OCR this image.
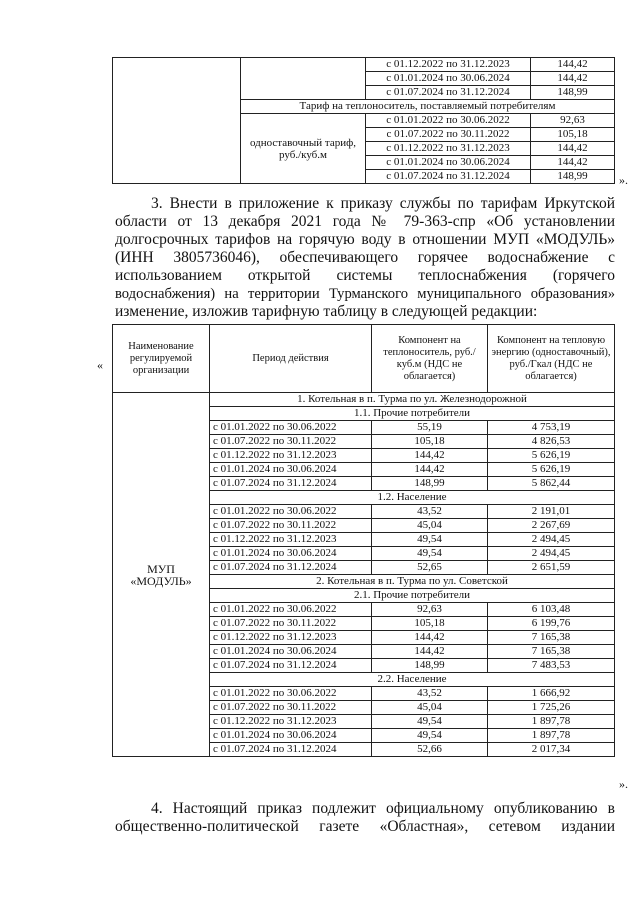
		с 01.12.2022 по 31.12.2023	144,42
		с 01.01.2024 по 30.06.2024	144,42
		с 01.07.2024 по 31.12.2024	148,99
	Тариф на теплоноситель, поставляемый потребителям		
	одноставочный тариф, руб./куб.м	с 01.01.2022 по 30.06.2022	92,63
		с 01.07.2022 по 30.11.2022	105,18
		с 01.12.2022 по 31.12.2023	144,42
		с 01.01.2024 по 30.06.2024	144,42
		с 01.07.2024 по 31.12.2024	148,99	».

3. Внести в приложение к приказу службы по тарифам Иркутской

области от 13 декабря 2021 года № 79-363-спр «Об установлении

долгосрочных тарифов на горячую воду в отношении МУП «МОДУЛЬ»

(ИНН 3805736046), обеспечивающего горячее водоснабжение с

использованием открытой системы теплоснабжения (горячего

водоснабжения) на территории Турманского муниципального образования»

изменение, изложив тарифную таблицу в следующей редакции:

«
Наименование регулируемой организации	Период действия	Компонент на теплоноситель, руб./куб.м (НДС не облагается)	Компонент на тепловую энергию (одноставочный), руб./Гкал (НДС не облагается)
МУП «МОДУЛЬ»	1. Котельная в п. Турма по ул. Железнодорожной		
	1.1. Прочие потребители		
	с 01.01.2022 по 30.06.2022	55,19	4 753,19
	с 01.07.2022 по 30.11.2022	105,18	4 826,53
	с 01.12.2022 по 31.12.2023	144,42	5 626,19
	с 01.01.2024 по 30.06.2024	144,42	5 626,19
	с 01.07.2024 по 31.12.2024	148,99	5 862,44
	1.2. Население		
	с 01.01.2022 по 30.06.2022	43,52	2 191,01
	с 01.07.2022 по 30.11.2022	45,04	2 267,69
	с 01.12.2022 по 31.12.2023	49,54	2 494,45
	с 01.01.2024 по 30.06.2024	49,54	2 494,45
	с 01.07.2024 по 31.12.2024	52,65	2 651,59
	2. Котельная в п. Турма по ул. Советской		
	2.1. Прочие потребители		
	с 01.01.2022 по 30.06.2022	92,63	6 103,48
	с 01.07.2022 по 30.11.2022	105,18	6 199,76
	с 01.12.2022 по 31.12.2023	144,42	7 165,38
	с 01.01.2024 по 30.06.2024	144,42	7 165,38
	с 01.07.2024 по 31.12.2024	148,99	7 483,53
	2.2. Население		
	с 01.01.2022 по 30.06.2022	43,52	1 666,92
	с 01.07.2022 по 30.11.2022	45,04	1 725,26
	с 01.12.2022 по 31.12.2023	49,54	1 897,78
	с 01.01.2024 по 30.06.2024	49,54	1 897,78
	с 01.07.2024 по 31.12.2024	52,66	2 017,34
».

4. Настоящий приказ подлежит официальному опубликованию в

общественно-политической газете «Областная», сетевом издании
